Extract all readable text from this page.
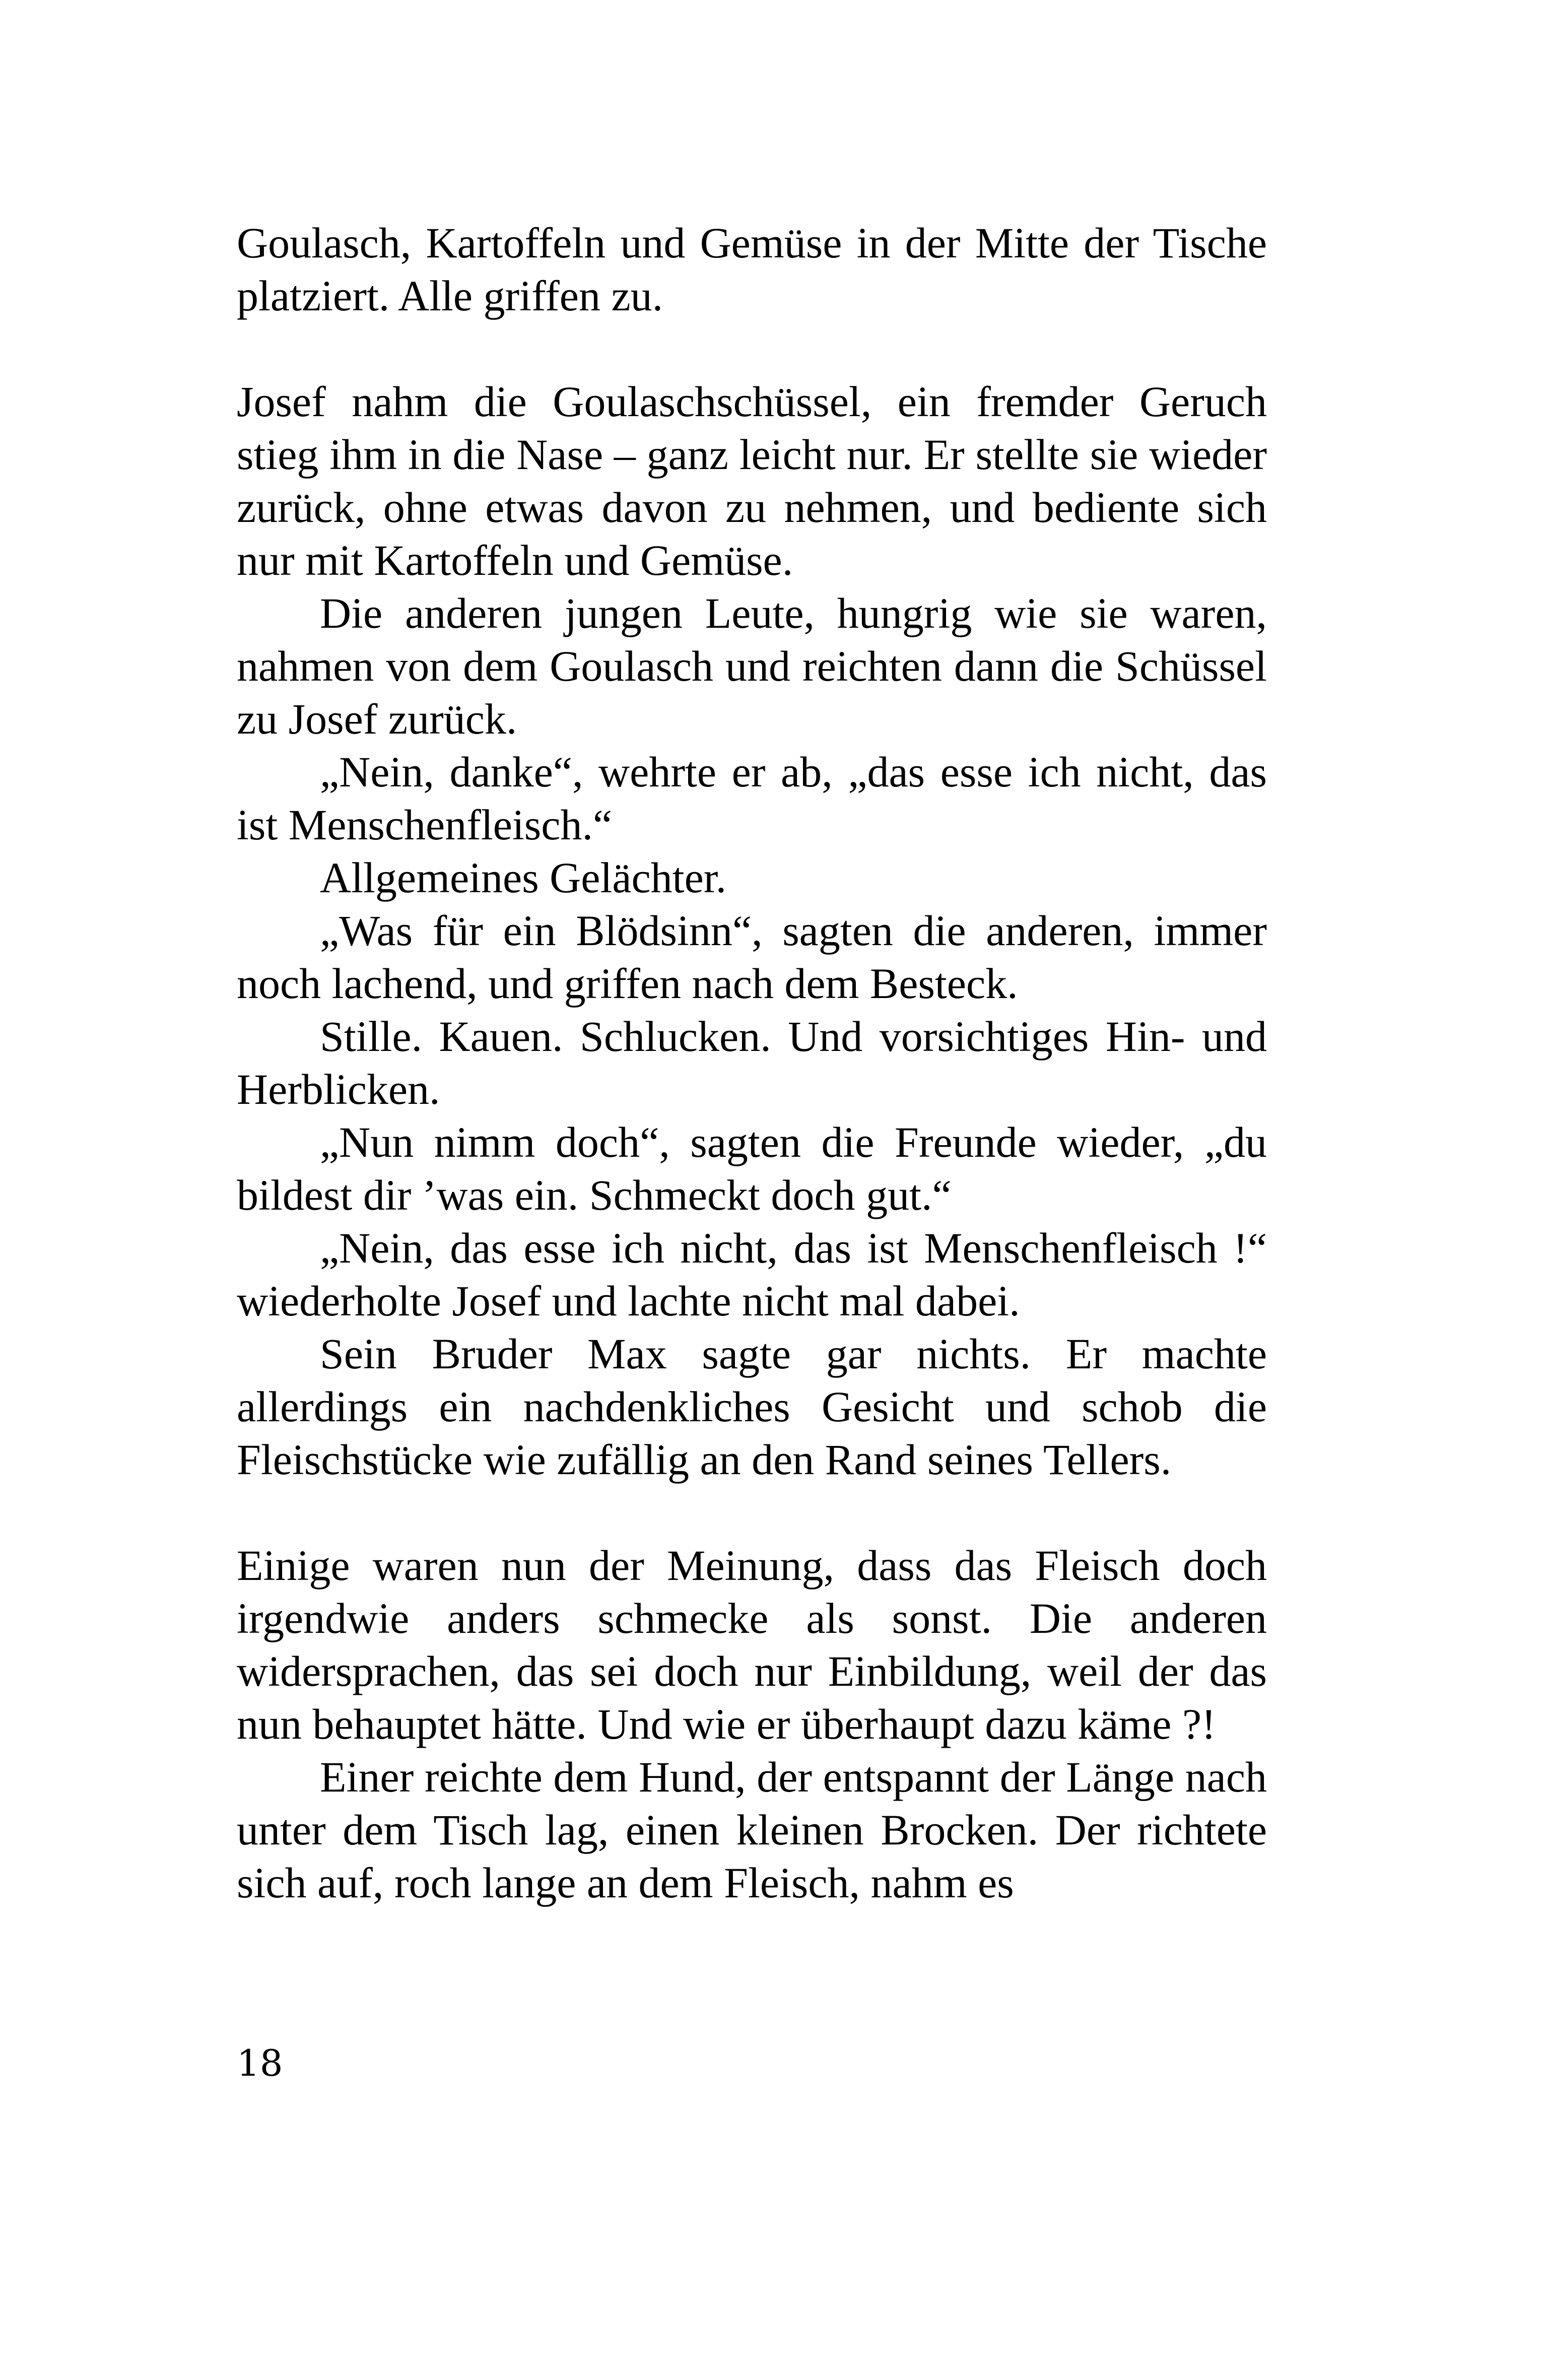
Goulasch, Kartoffeln und Gemüse in der Mitte der Tische platziert. Alle griffen zu.

Josef nahm die Goulaschschüssel, ein fremder Geruch stieg ihm in die Nase – ganz leicht nur. Er stellte sie wieder zurück, ohne etwas davon zu nehmen, und bediente sich nur mit Kartoffeln und Gemüse.

Die anderen jungen Leute, hungrig wie sie waren, nahmen von dem Goulasch und reichten dann die Schüssel zu Josef zurück.

„Nein, danke“, wehrte er ab, „das esse ich nicht, das ist Menschenfleisch.“

Allgemeines Gelächter.

„Was für ein Blödsinn“, sagten die anderen, immer noch lachend, und griffen nach dem Besteck.

Stille. Kauen. Schlucken. Und vorsichtiges Hin- und Herblicken.

„Nun nimm doch“, sagten die Freunde wieder, „du bildest dir ’was ein. Schmeckt doch gut.“

„Nein, das esse ich nicht, das ist Menschenfleisch !“ wiederholte Josef und lachte nicht mal dabei.

Sein Bruder Max sagte gar nichts. Er machte allerdings ein nachdenkliches Gesicht und schob die Fleischstücke wie zufällig an den Rand seines Tellers.

Einige waren nun der Meinung, dass das Fleisch doch irgendwie anders schmecke als sonst. Die anderen widersprachen, das sei doch nur Einbildung, weil der das nun behauptet hätte. Und wie er überhaupt dazu käme ?!

Einer reichte dem Hund, der entspannt der Länge nach unter dem Tisch lag, einen kleinen Brocken. Der richtete sich auf, roch lange an dem Fleisch, nahm es

18
